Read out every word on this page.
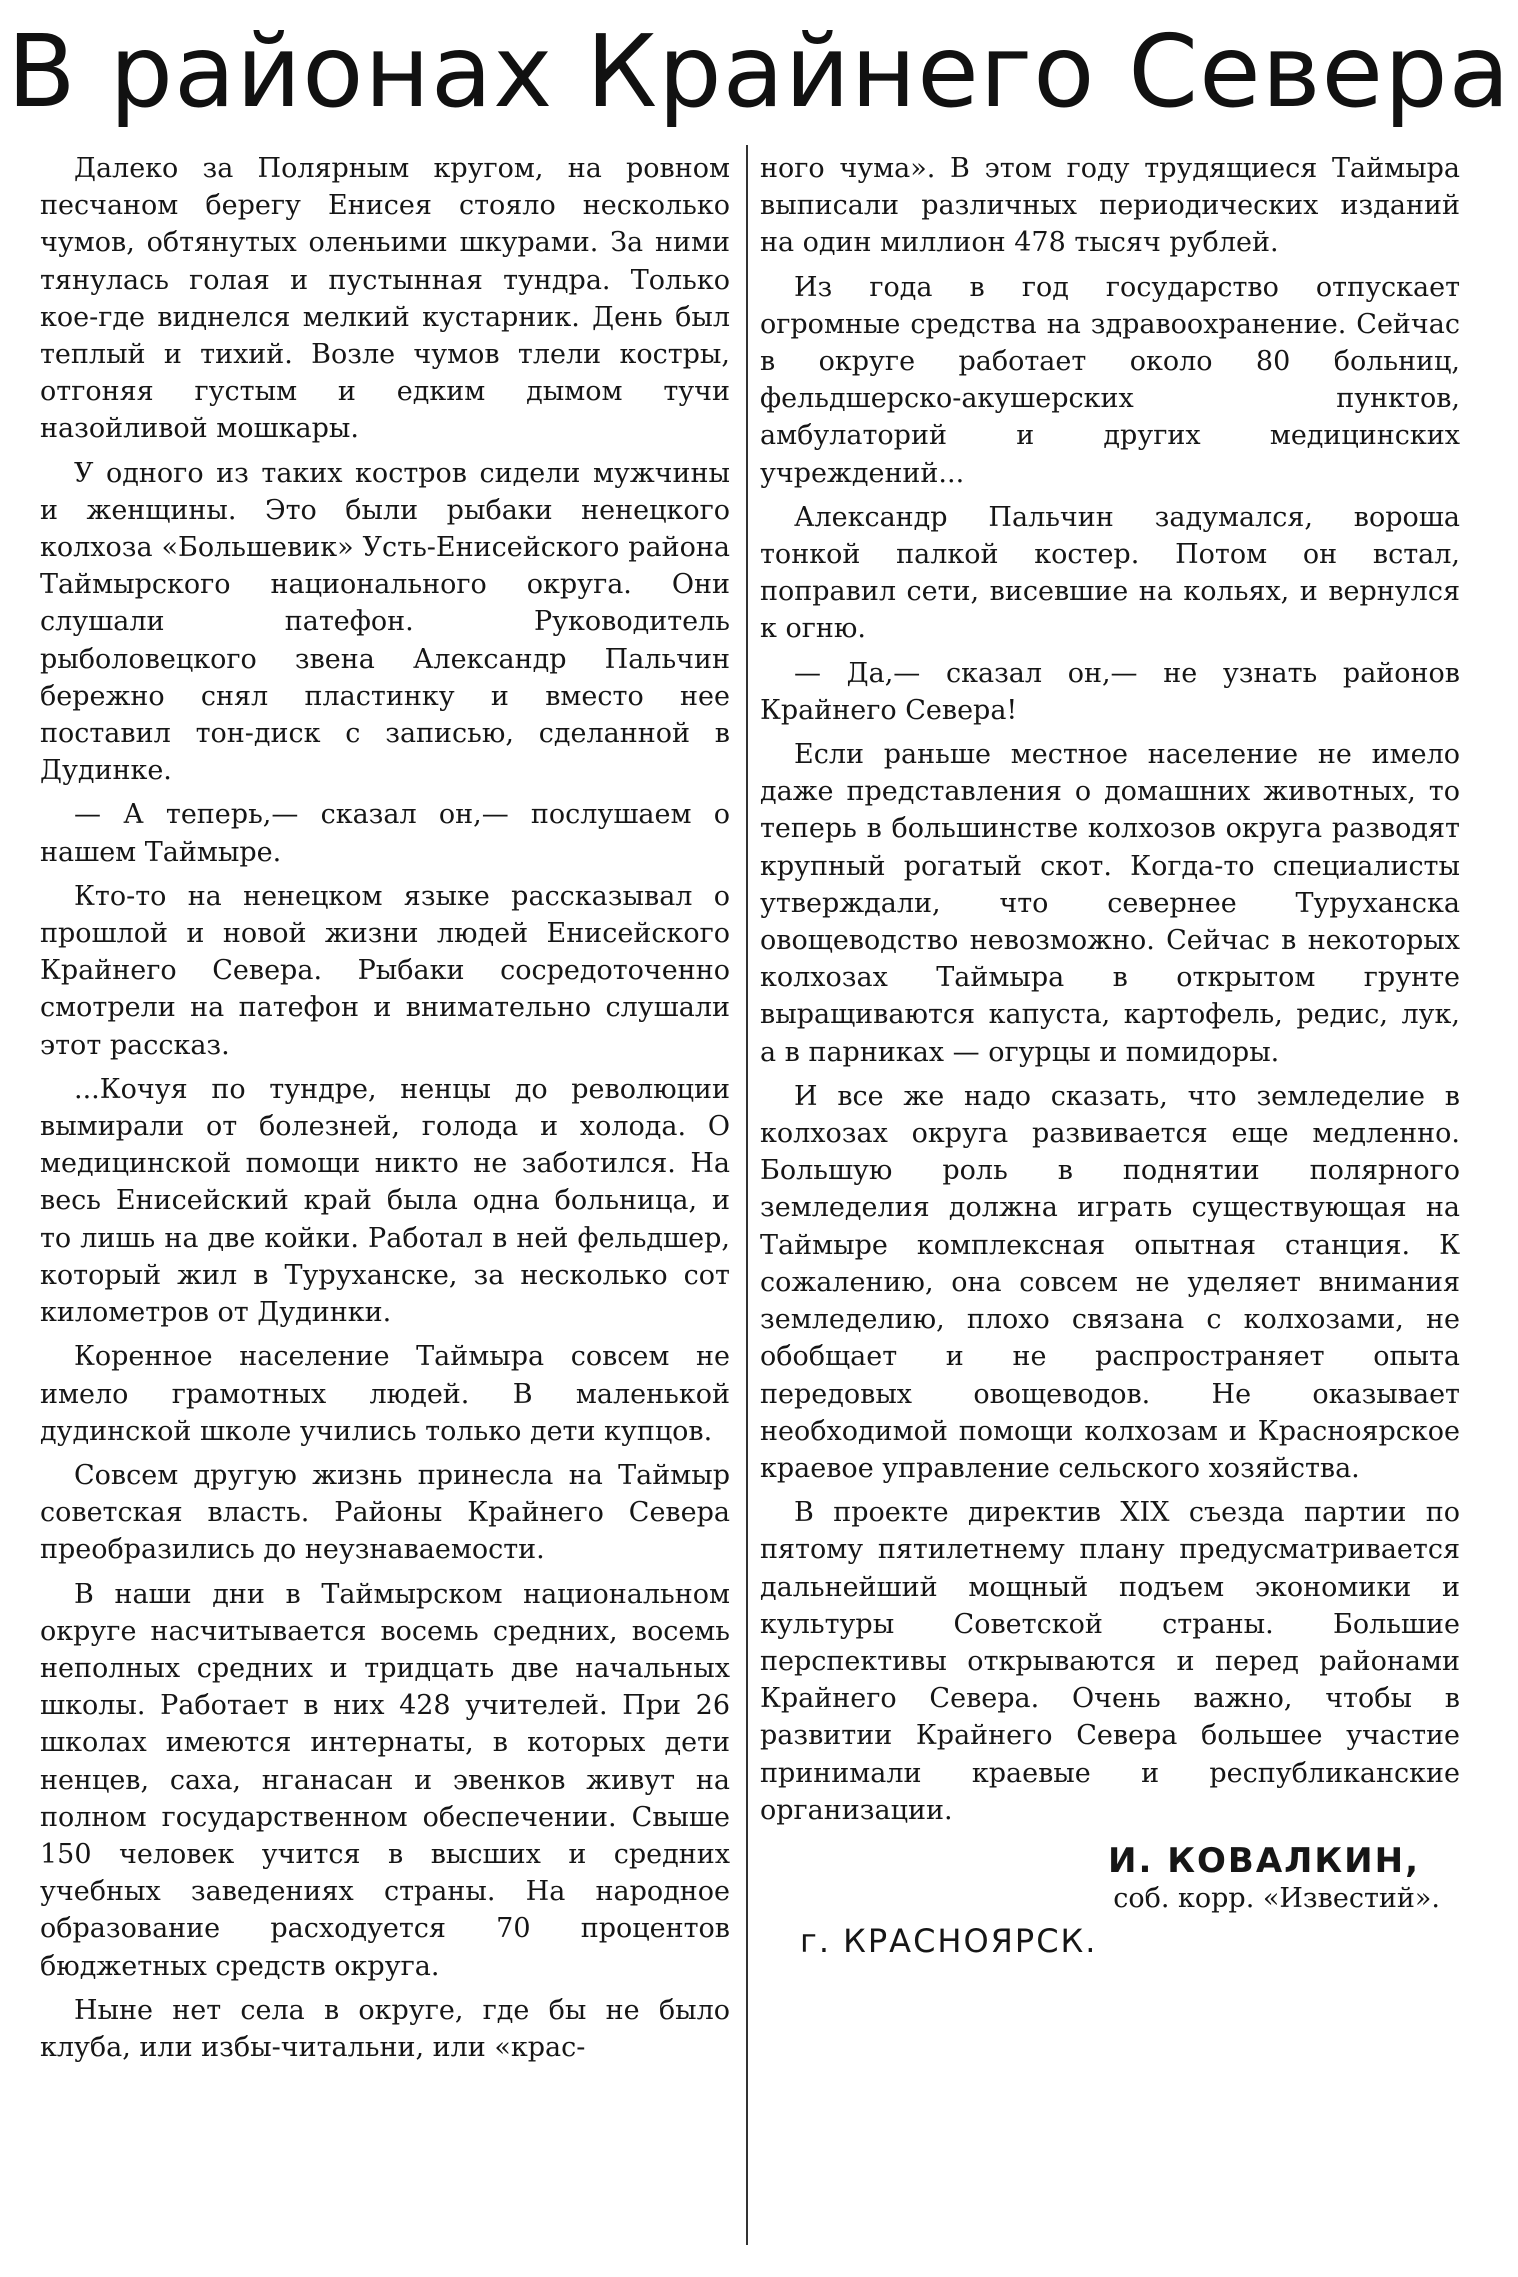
В районах Крайнего Севера

Далеко за Полярным кругом, на ровном песчаном берегу Енисея стояло несколько чумов, обтянутых оленьими шкурами. За ними тянулась голая и пустынная тундра. Только кое-где виднелся мелкий кустарник. День был теплый и тихий. Возле чумов тлели костры, отгоняя густым и едким дымом тучи назойливой мошкары.

У одного из таких костров сидели мужчины и женщины. Это были рыбаки ненецкого колхоза «Большевик» Усть-Енисейского района Таймырского национального округа. Они слушали патефон. Руководитель рыболовецкого звена Александр Пальчин бережно снял пластинку и вместо нее поставил тон-диск с записью, сделанной в Дудинке.

— А теперь,— сказал он,— послушаем о нашем Таймыре.

Кто-то на ненецком языке рассказывал о прошлой и новой жизни людей Енисейского Крайнего Севера. Рыбаки сосредоточенно смотрели на патефон и внимательно слушали этот рассказ.

...Кочуя по тундре, ненцы до революции вымирали от болезней, голода и холода. О медицинской помощи никто не заботился. На весь Енисейский край была одна больница, и то лишь на две койки. Работал в ней фельдшер, который жил в Туруханске, за несколько сот километров от Дудинки.

Коренное население Таймыра совсем не имело грамотных людей. В маленькой дудинской школе учились только дети купцов.

Совсем другую жизнь принесла на Таймыр советская власть. Районы Крайнего Севера преобразились до неузнаваемости.

В наши дни в Таймырском национальном округе насчитывается восемь средних, восемь неполных средних и тридцать две начальных школы. Работает в них 428 учителей. При 26 школах имеются интернаты, в которых дети ненцев, саха, нганасан и эвенков живут на полном государственном обеспечении. Свыше 150 человек учится в высших и средних учебных заведениях страны. На народное образование расходуется 70 процентов бюджетных средств округа.

Ныне нет села в округе, где бы не было клуба, или избы-читальни, или «крас-

ного чума». В этом году трудящиеся Таймыра выписали различных периодических изданий на один миллион 478 тысяч рублей.

Из года в год государство отпускает огромные средства на здравоохранение. Сейчас в округе работает около 80 больниц, фельдшерско-акушерских пунктов, амбулаторий и других медицинских учреждений...

Александр Пальчин задумался, вороша тонкой палкой костер. Потом он встал, поправил сети, висевшие на кольях, и вернулся к огню.

— Да,— сказал он,— не узнать районов Крайнего Севера!

Если раньше местное население не имело даже представления о домашних животных, то теперь в большинстве колхозов округа разводят крупный рогатый скот. Когда-то специалисты утверждали, что севернее Туруханска овощеводство невозможно. Сейчас в некоторых колхозах Таймыра в открытом грунте выращиваются капуста, картофель, редис, лук, а в парниках — огурцы и помидоры.

И все же надо сказать, что земледелие в колхозах округа развивается еще медленно. Большую роль в поднятии полярного земледелия должна играть существующая на Таймыре комплексная опытная станция. К сожалению, она совсем не уделяет внимания земледелию, плохо связана с колхозами, не обобщает и не распространяет опыта передовых овощеводов. Не оказывает необходимой помощи колхозам и Красноярское краевое управление сельского хозяйства.

В проекте директив XIX съезда партии по пятому пятилетнему плану предусматривается дальнейший мощный подъем экономики и культуры Советской страны. Большие перспективы открываются и перед районами Крайнего Севера. Очень важно, чтобы в развитии Крайнего Севера большее участие принимали краевые и республиканские организации.

И. КОВАЛКИН,
соб. корр. «Известий».
г. КРАСНОЯРСК.
